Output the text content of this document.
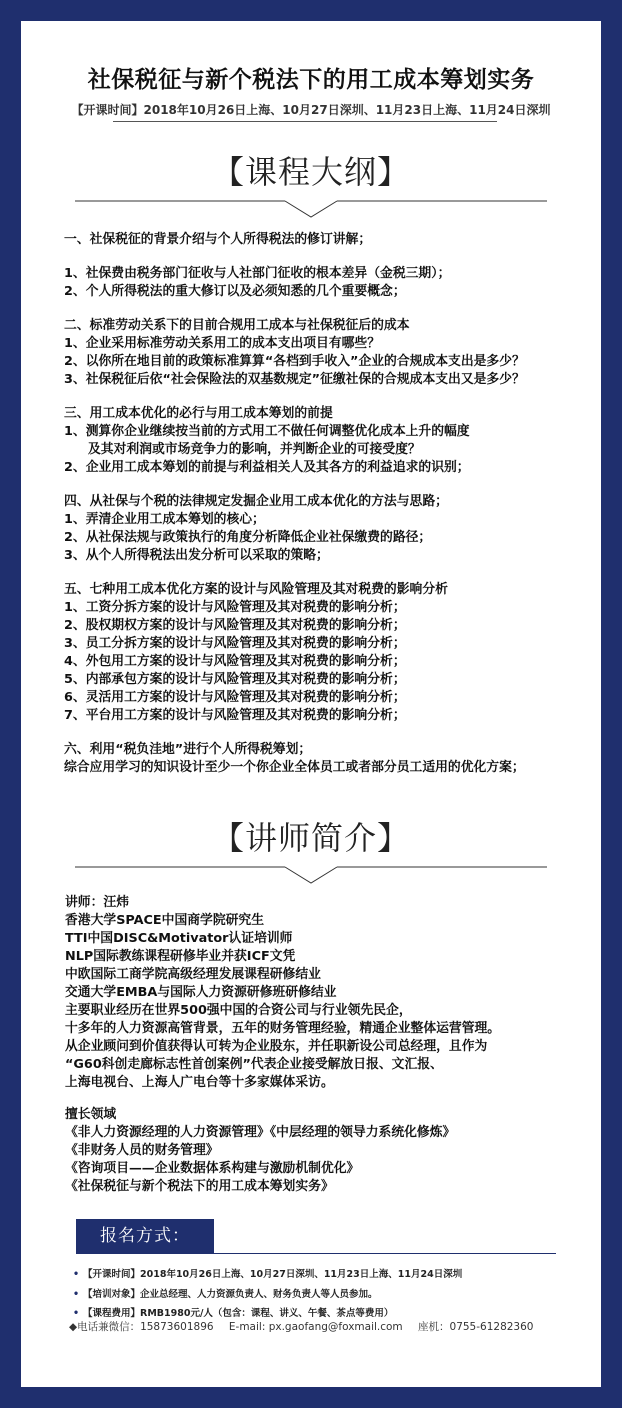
社保税征与新个税法下的用工成本筹划实务
【开课时间】2018年10月26日上海、10月27日深圳、11月23日上海、11月24日深圳
【课程大纲】
一、社保税征的背景介绍与个人所得税法的修订讲解；
1、社保费由税务部门征收与人社部门征收的根本差异（金税三期）；
2、个人所得税法的重大修订以及必须知悉的几个重要概念；
二、标准劳动关系下的目前合规用工成本与社保税征后的成本
1、企业采用标准劳动关系用工的成本支出项目有哪些？
2、以你所在地目前的政策标准算算“各档到手收入”企业的合规成本支出是多少？
3、社保税征后依“社会保险法的双基数规定”征缴社保的合规成本支出又是多少？
三、用工成本优化的必行与用工成本筹划的前提
1、测算你企业继续按当前的方式用工不做任何调整优化成本上升的幅度
及其对利润或市场竞争力的影响，并判断企业的可接受度？
2、企业用工成本筹划的前提与利益相关人及其各方的利益追求的识别；
四、从社保与个税的法律规定发掘企业用工成本优化的方法与思路；
1、弄清企业用工成本筹划的核心；
2、从社保法规与政策执行的角度分析降低企业社保缴费的路径；
3、从个人所得税法出发分析可以采取的策略；
五、七种用工成本优化方案的设计与风险管理及其对税费的影响分析
1、工资分拆方案的设计与风险管理及其对税费的影响分析；
2、股权期权方案的设计与风险管理及其对税费的影响分析；
3、员工分拆方案的设计与风险管理及其对税费的影响分析；
4、外包用工方案的设计与风险管理及其对税费的影响分析；
5、内部承包方案的设计与风险管理及其对税费的影响分析；
6、灵活用工方案的设计与风险管理及其对税费的影响分析；
7、平台用工方案的设计与风险管理及其对税费的影响分析；
六、利用“税负洼地”进行个人所得税筹划；
综合应用学习的知识设计至少一个你企业全体员工或者部分员工适用的优化方案；
【讲师简介】
讲师：汪炜
香港大学SPACE中国商学院研究生
TTI中国DISC&Motivator认证培训师
NLP国际教练课程研修毕业并获ICF文凭
中欧国际工商学院高级经理发展课程研修结业
交通大学EMBA与国际人力资源研修班研修结业
主要职业经历在世界500强中国的合资公司与行业领先民企，
十多年的人力资源高管背景，五年的财务管理经验，精通企业整体运营管理。
从企业顾问到价值获得认可转为企业股东，并任职新设公司总经理，且作为
“G60科创走廊标志性首创案例”代表企业接受解放日报、文汇报、
上海电视台、上海人广电台等十多家媒体采访。
擅长领域
《非人力资源经理的人力资源管理》《中层经理的领导力系统化修炼》
《非财务人员的财务管理》
《咨询项目——企业数据体系构建与激励机制优化》
《社保税征与新个税法下的用工成本筹划实务》
报名方式：
• 【开课时间】2018年10月26日上海、10月27日深圳、11月23日上海、11月24日深圳
• 【培训对象】企业总经理、人力资源负责人、财务负责人等人员参加。
• 【课程费用】RMB1980元/人（包含：课程、讲义、午餐、茶点等费用）
◆电话兼微信：15873601896 E-mail: px.gaofang@foxmail.com 座机：0755-61282360
